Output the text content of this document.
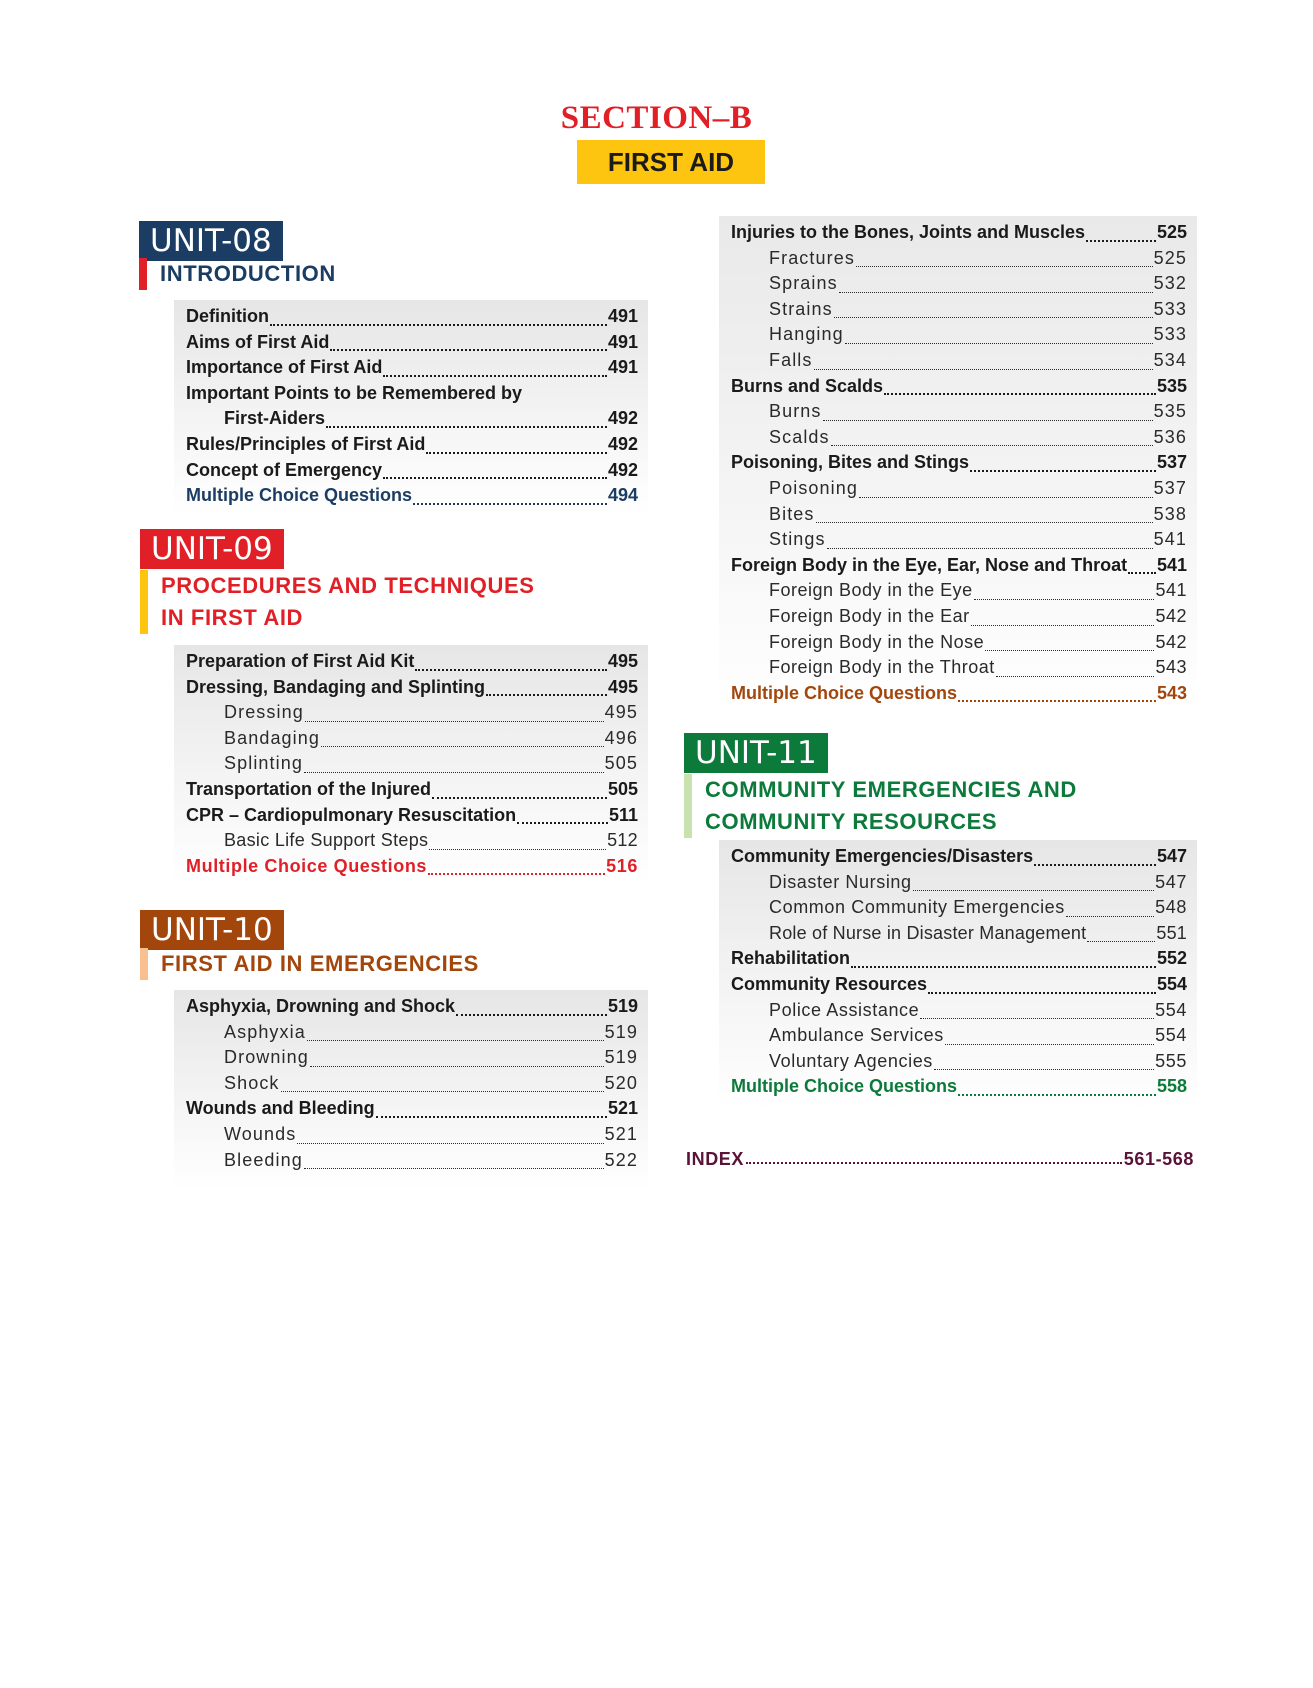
SECTION–B
FIRST AID
UNIT-08
INTRODUCTION
Definition	491
Aims of First Aid	491
Importance of First Aid	491
Important Points to be Remembered by
First-Aiders	492
Rules/Principles of First Aid	492
Concept of Emergency	492
Multiple Choice Questions	494
UNIT-09
PROCEDURES AND TECHNIQUES
IN FIRST AID
Preparation of First Aid Kit	495
Dressing, Bandaging and Splinting	495
Dressing	495
Bandaging	496
Splinting	505
Transportation of the Injured	505
CPR – Cardiopulmonary Resuscitation	511
Basic Life Support Steps	512
Multiple Choice Questions	516
UNIT-10
FIRST AID IN EMERGENCIES
Asphyxia, Drowning and Shock	519
Asphyxia	519
Drowning	519
Shock	520
Wounds and Bleeding	521
Wounds	521
Bleeding	522
Injuries to the Bones, Joints and Muscles	525
Fractures	525
Sprains	532
Strains	533
Hanging	533
Falls	534
Burns and Scalds	535
Burns	535
Scalds	536
Poisoning, Bites and Stings	537
Poisoning	537
Bites	538
Stings	541
Foreign Body in the Eye, Ear, Nose and Throat 541
Foreign Body in the Eye	541
Foreign Body in the Ear	542
Foreign Body in the Nose	542
Foreign Body in the Throat	543
Multiple Choice Questions	543
UNIT-11
COMMUNITY EMERGENCIES AND
COMMUNITY RESOURCES
Community Emergencies/Disasters	547
Disaster Nursing	547
Common Community Emergencies	548
Role of Nurse in Disaster Management	551
Rehabilitation	552
Community Resources	554
Police Assistance	554
Ambulance Services	554
Voluntary Agencies	555
Multiple Choice Questions	558
INDEX	561-568
